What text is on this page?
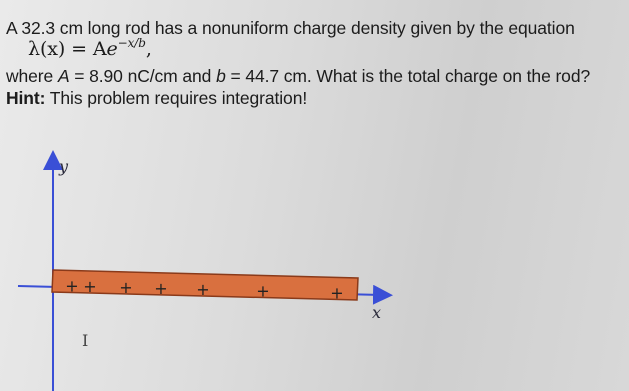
A 32.3 cm long rod has a nonuniform charge density given by the equation
$\lambda(x) = Ae^{-x/b}$,
where A = 8.90 nC/cm and b = 44.7 cm. What is the total charge on the rod?
Hint: This problem requires integration!
y
x
+ + + + +	+	+
I
